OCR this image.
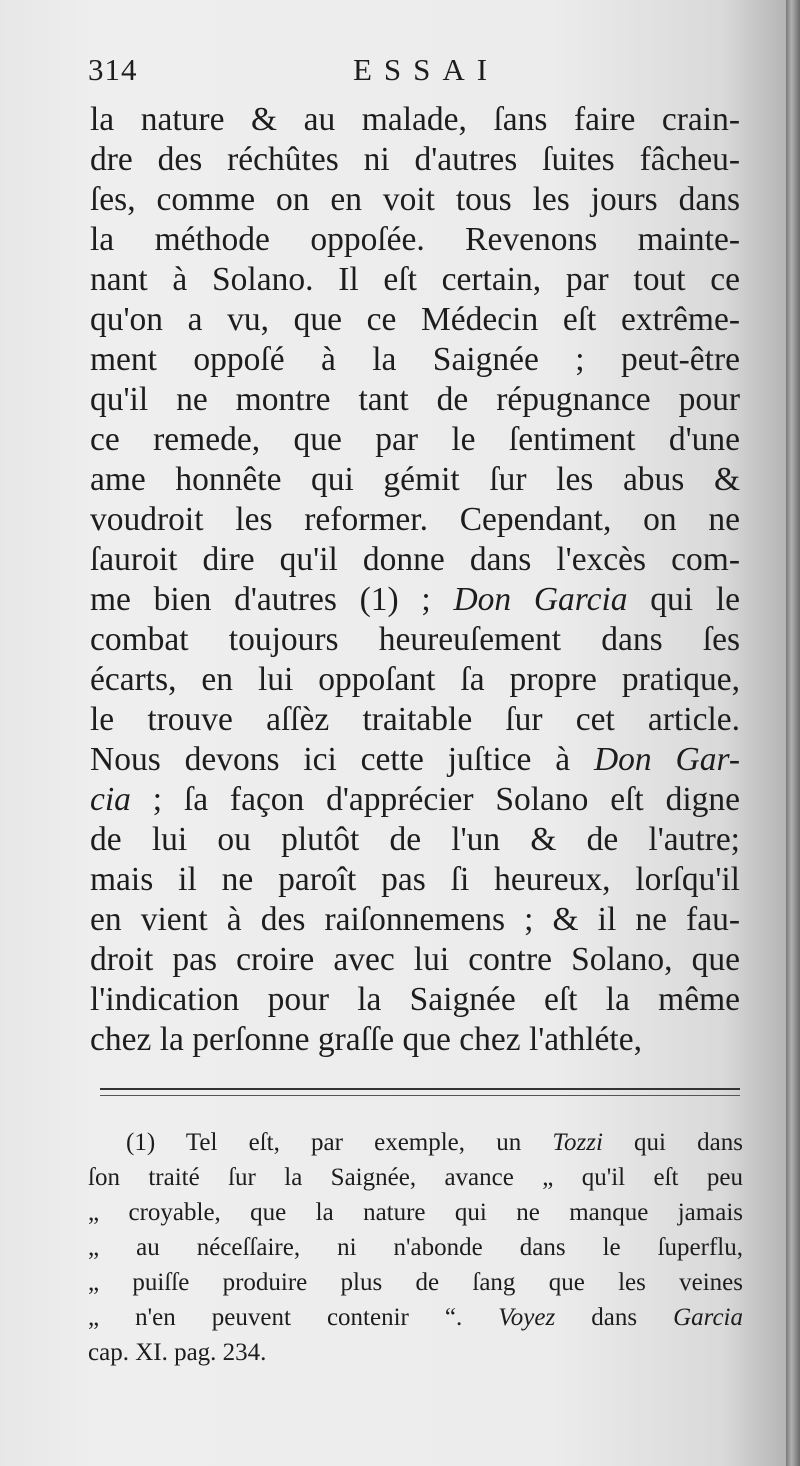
314	ESSAI
la nature & au malade, ſans faire crain-
dre des réchûtes ni d'autres ſuites fâcheu-
ſes, comme on en voit tous les jours dans
la méthode oppoſée. Revenons mainte-
nant à Solano. Il eſt certain, par tout ce
qu'on a vu, que ce Médecin eſt extrême-
ment oppoſé à la Saignée ; peut-être
qu'il ne montre tant de répugnance pour
ce remede, que par le ſentiment d'une
ame honnête qui gémit ſur les abus &
voudroit les reformer. Cependant, on ne
ſauroit dire qu'il donne dans l'excès com-
me bien d'autres (1) ; Don Garcia qui le
combat toujours heureuſement dans ſes
écarts, en lui oppoſant ſa propre pratique,
le trouve aſſèz traitable ſur cet article.
Nous devons ici cette juſtice à Don Gar-
cia ; ſa façon d'apprécier Solano eſt digne
de lui ou plutôt de l'un & de l'autre;
mais il ne paroît pas ſi heureux, lorſqu'il
en vient à des raiſonnemens ; & il ne fau-
droit pas croire avec lui contre Solano, que
l'indication pour la Saignée eſt la même
chez la perſonne graſſe que chez l'athléte,
(1) Tel eſt, par exemple, un Tozzi qui dans
ſon traité ſur la Saignée, avance „ qu'il eſt peu
„ croyable, que la nature qui ne manque jamais
„ au néceſſaire, ni n'abonde dans le ſuperflu,
„ puiſſe produire plus de ſang que les veines
„ n'en peuvent contenir “. Voyez dans Garcia
cap. XI. pag. 234.
